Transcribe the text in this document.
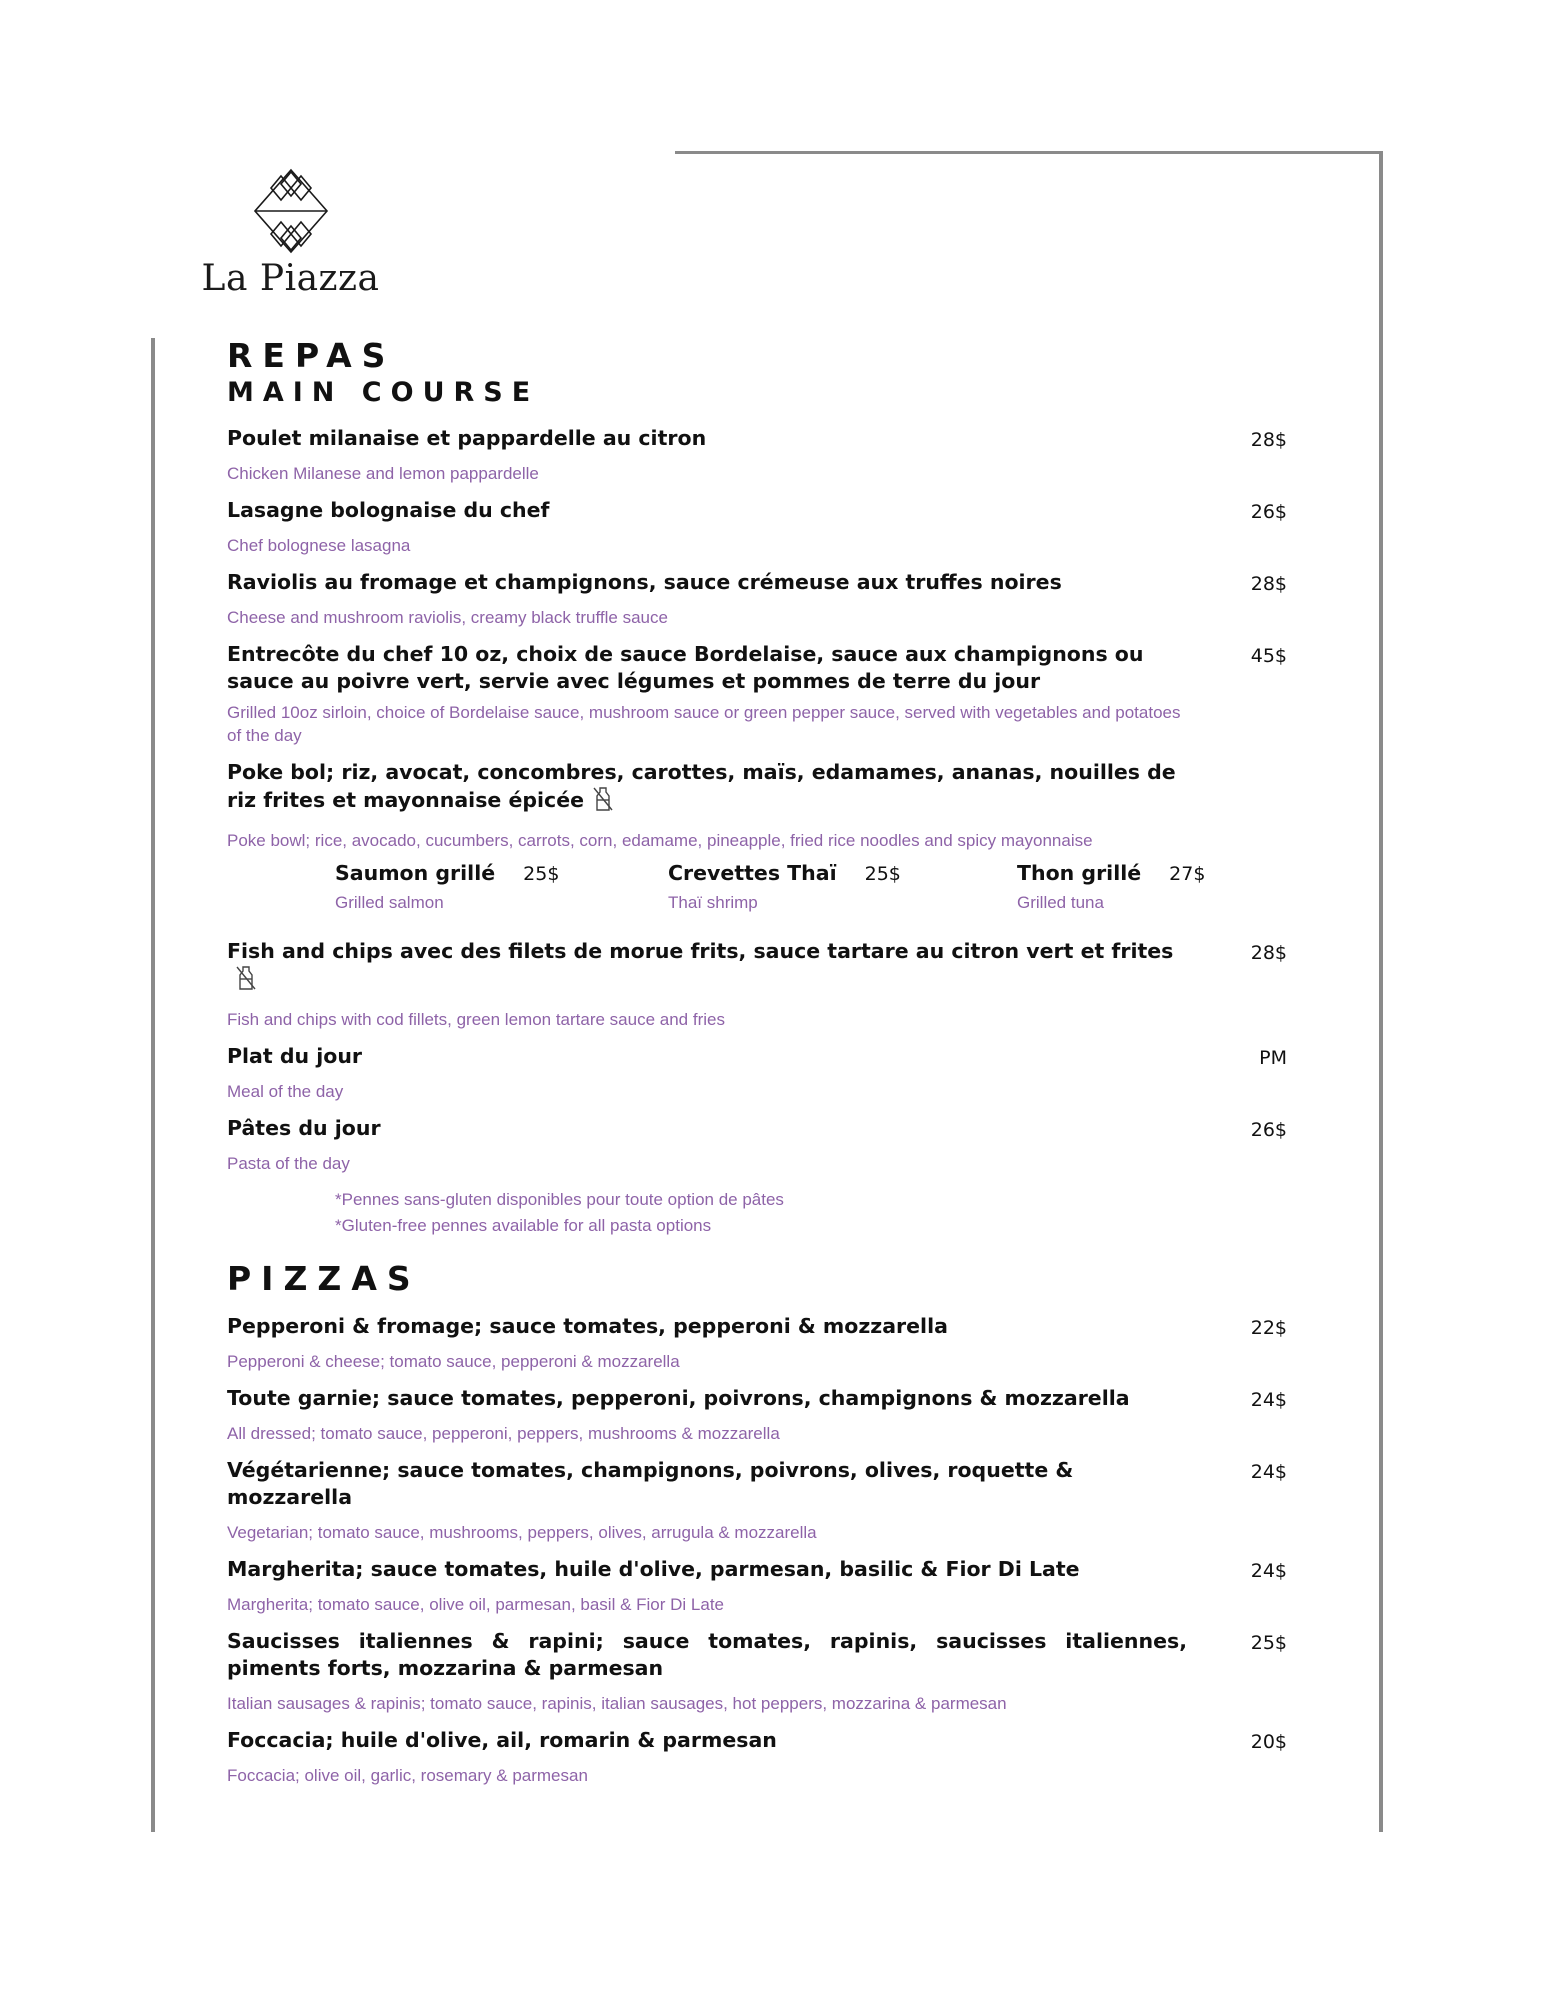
La Piazza
REPAS
MAIN COURSE
Poulet milanaise et pappardelle au citron	28$
Chicken Milanese and lemon pappardelle
Lasagne bolognaise du chef	26$
Chef bolognese lasagna
Raviolis au fromage et champignons, sauce crémeuse aux truffes noires	28$
Cheese and mushroom raviolis, creamy black truffle sauce
Entrecôte du chef 10 oz, choix de sauce Bordelaise, sauce aux champignons ou sauce au poivre vert, servie avec légumes et pommes de terre du jour
45$
Grilled 10oz sirloin, choice of Bordelaise sauce, mushroom sauce or green pepper sauce, served with vegetables and potatoes of the day
Poke bol; riz, avocat, concombres, carottes, maïs, edamames, ananas, nouilles de riz frites et mayonnaise épicée
Poke bowl; rice, avocado, cucumbers, carrots, corn, edamame, pineapple, fried rice noodles and spicy mayonnaise
Saumon grillé 25$
Grilled salmon
Crevettes Thaï 25$
Thaï shrimp
Thon grillé 27$
Grilled tuna
Fish and chips avec des filets de morue frits, sauce tartare au citron vert et frites	28$
Fish and chips with cod fillets, green lemon tartare sauce and fries
Plat du jour	PM
Meal of the day
Pâtes du jour	26$
Pasta of the day
*Pennes sans-gluten disponibles pour toute option de pâtes
*Gluten-free pennes available for all pasta options
PIZZAS
Pepperoni & fromage; sauce tomates, pepperoni & mozzarella	22$
Pepperoni & cheese; tomato sauce, pepperoni & mozzarella
Toute garnie; sauce tomates, pepperoni, poivrons, champignons & mozzarella	24$
All dressed; tomato sauce, pepperoni, peppers, mushrooms & mozzarella
Végétarienne; sauce tomates, champignons, poivrons, olives, roquette & mozzarella
24$
Vegetarian; tomato sauce, mushrooms, peppers, olives, arrugula & mozzarella
Margherita; sauce tomates, huile d'olive, parmesan, basilic & Fior Di Late	24$
Margherita; tomato sauce, olive oil, parmesan, basil & Fior Di Late
Saucisses italiennes & rapini; sauce tomates, rapinis, saucisses italiennes, piments forts, mozzarina & parmesan
25$
Italian sausages & rapinis; tomato sauce, rapinis, italian sausages, hot peppers, mozzarina & parmesan
Foccacia; huile d'olive, ail, romarin & parmesan	20$
Foccacia; olive oil, garlic, rosemary & parmesan
